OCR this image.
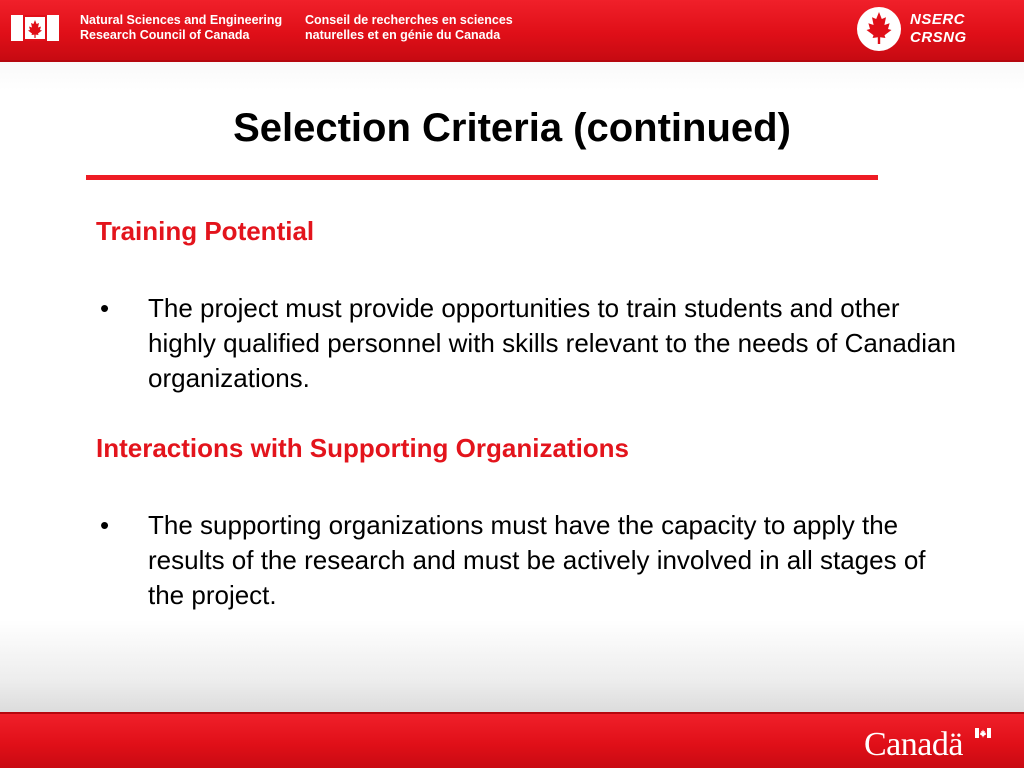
Natural Sciences and Engineering
Research Council of Canada
Conseil de recherches en sciences
naturelles et en génie du Canada
NSERC
CRSNG
Selection Criteria (continued)
Training Potential
• The project must provide opportunities to train students and other highly qualified personnel with skills relevant to the needs of Canadian organizations.
Interactions with Supporting Organizations
• The supporting organizations must have the capacity to apply the results of the research and must be actively involved in all stages of the project.
Canadä
